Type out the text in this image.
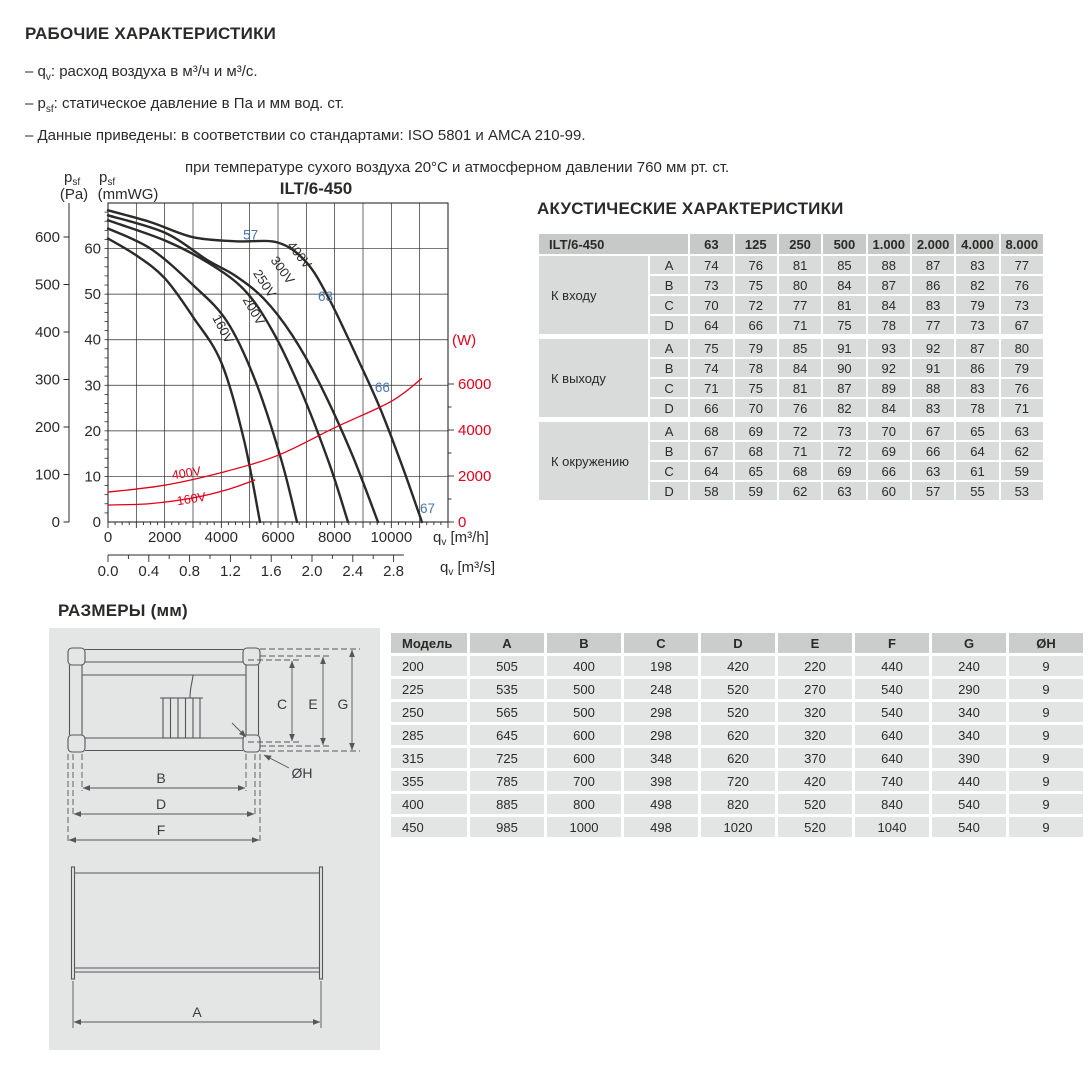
РАБОЧИЕ ХАРАКТЕРИСТИКИ
– $q_v$: расход воздуха в м³/ч и м³/с.
– $p_{sf}$: статическое давление в Па и мм вод. ст.
– Данные приведены: в соответствии со стандартами: ISO 5801 и AMCA 210-99.
при температуре сухого воздуха 20°С и атмосферном давлении 760 мм рт. ст.
0
100
200
300
400
500
600
0
10
20
30
40
50
60
0
2000
4000
6000
(W)
0 2000 4000 6000 8000 10000 $q_v$ [m³/h]
0.0 0.4 0.8 1.2 1.6 2.0 2.4 2.8 $q_v$ [m³/s]
$p_{sf}$
(Pa)
$p_{sf}$
(mmWG)	ILT/6-450
400V
300V
250V
200V
160V
400V
160V
57
63
66
67
АКУСТИЧЕСКИЕ ХАРАКТЕРИСТИКИ
ILT/6-450		63	125	250	500	1.000	2.000	4.000	8.000
К входу	A	74	76	81	85	88	87	83	77
	B	73	75	80	84	87	86	82	76
	C	70	72	77	81	84	83	79	73
	D	64	66	71	75	78	77	73	67

К выходу	A	75	79	85	91	93	92	87	80
	B	74	78	84	90	92	91	86	79
	C	71	75	81	87	89	88	83	76
	D	66	70	76	82	84	83	78	71

К окружению	A	68	69	72	73	70	67	65	63
	B	67	68	71	72	69	66	64	62
	C	64	65	68	69	66	63	61	59
	D	58	59	62	63	60	57	55	53
РАЗМЕРЫ (мм)
C E G
B
D
F
ØH
A
Модель	A	B	C	D	E	F	G	ØH
200	505	400	198	420	220	440	240	9
225	535	500	248	520	270	540	290	9
250	565	500	298	520	320	540	340	9
285	645	600	298	620	320	640	340	9
315	725	600	348	620	370	640	390	9
355	785	700	398	720	420	740	440	9
400	885	800	498	820	520	840	540	9
450	985	1000	498	1020	520	1040	540	9
